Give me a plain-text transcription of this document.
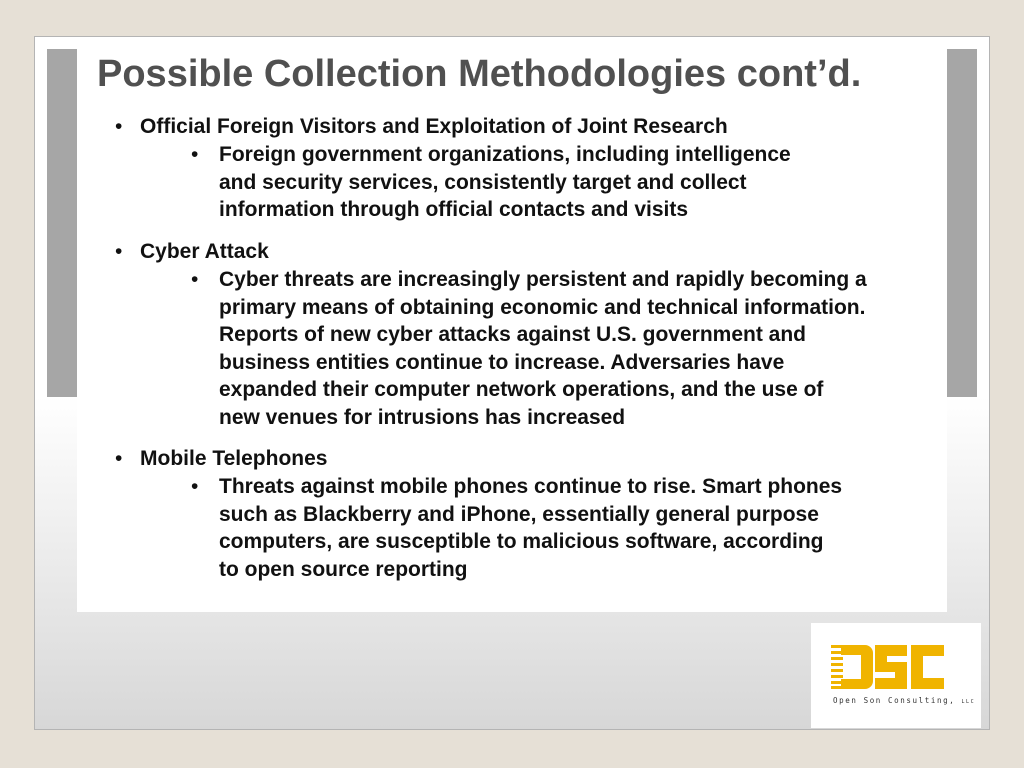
Possible Collection Methodologies cont’d.
• Official Foreign Visitors and Exploitation of Joint Research
• Foreign government organizations, including intelligence
and security services, consistently target and collect
information through official contacts and visits
• Cyber Attack
• Cyber threats are increasingly persistent and rapidly becoming a
primary means of obtaining economic and technical information.
Reports of new cyber attacks against U.S. government and
business entities continue to increase. Adversaries have
expanded their computer network operations, and the use of
new venues for intrusions has increased
• Mobile Telephones
• Threats against mobile phones continue to rise. Smart phones
such as Blackberry and iPhone, essentially general purpose
computers, are susceptible to malicious software, according
to open source reporting
Open Son Consulting, LLC
